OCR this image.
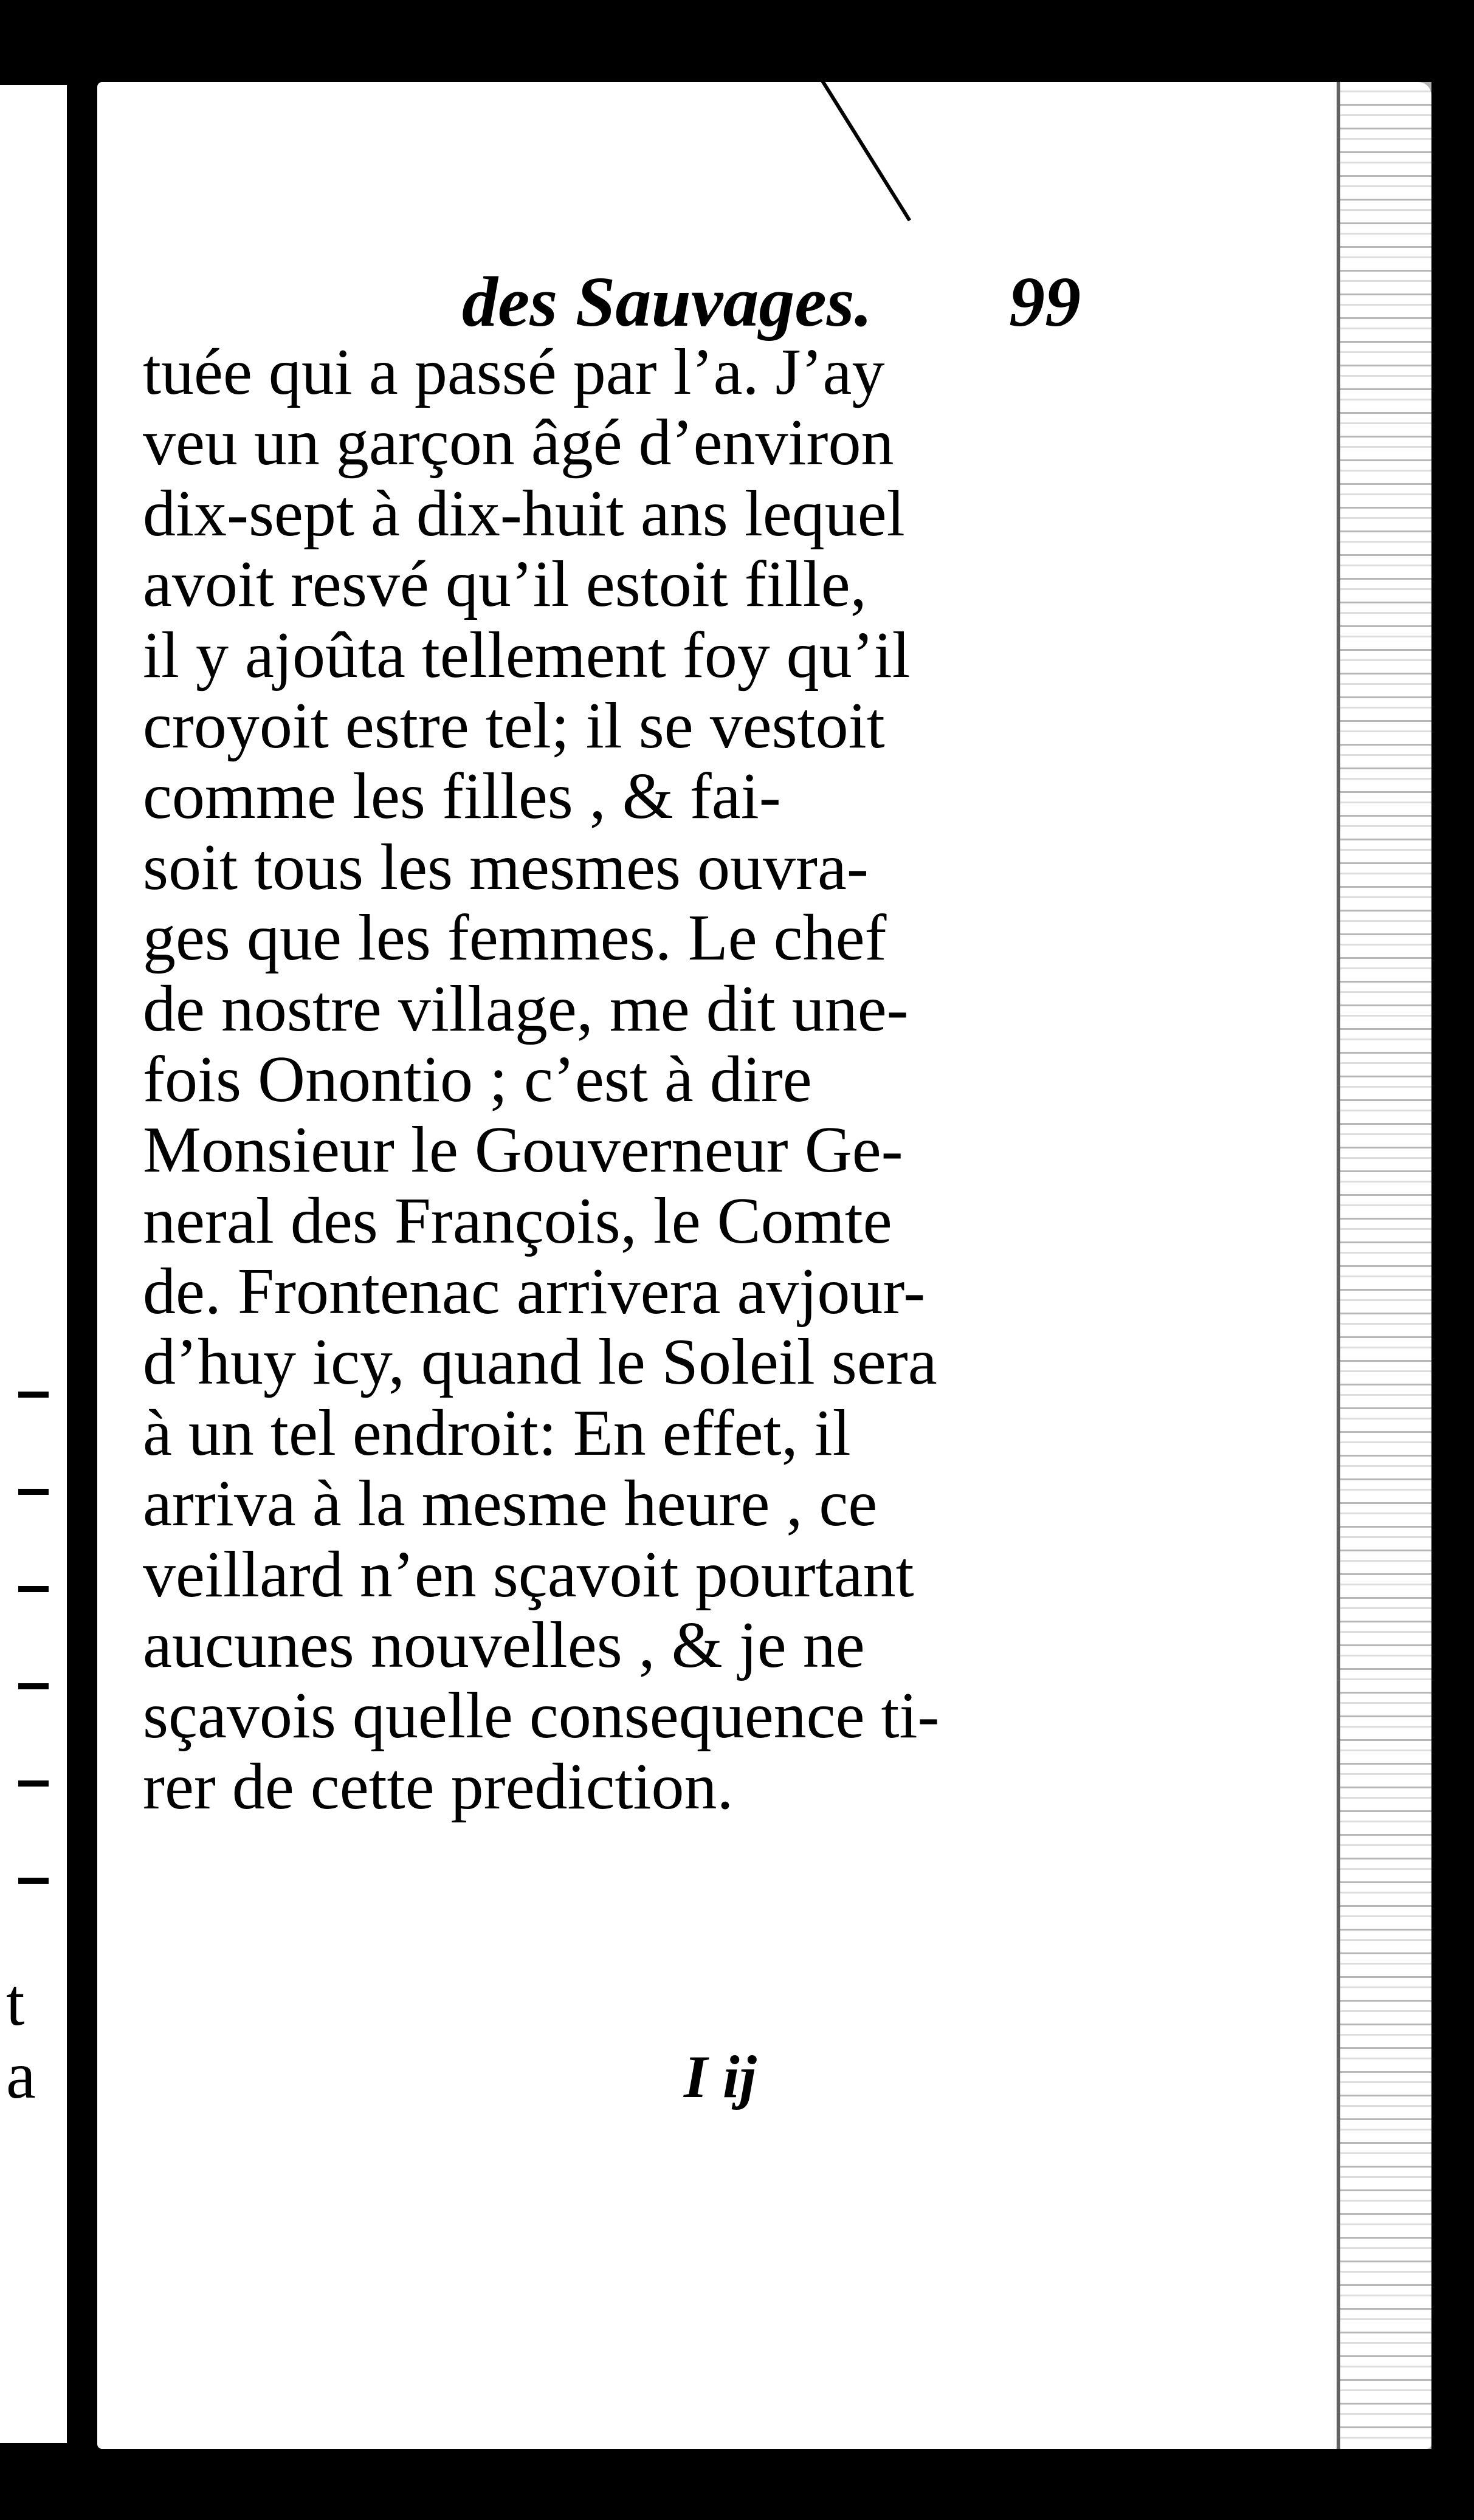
t
a
des Sauvages. 99
tuée qui a passé par l’a. J’ay
veu un garçon âgé d’environ
dix-sept à dix-huit ans lequel
avoit resvé qu’il estoit fille,
il y ajoûta tellement foy qu’il
croyoit estre tel; il se vestoit
comme les filles , & fai-
soit tous les mesmes ouvra-
ges que les femmes. Le chef
de nostre village, me dit une-
fois Onontio ; c’est à dire
Monsieur le Gouverneur Ge-
neral des François, le Comte
de. Frontenac arrivera avjour-
d’huy icy, quand le Soleil sera
à un tel endroit: En effet, il
arriva à la mesme heure , ce
veillard n’en sçavoit pourtant
aucunes nouvelles , & je ne
sçavois quelle consequence ti-
rer de cette prediction.
I ij
